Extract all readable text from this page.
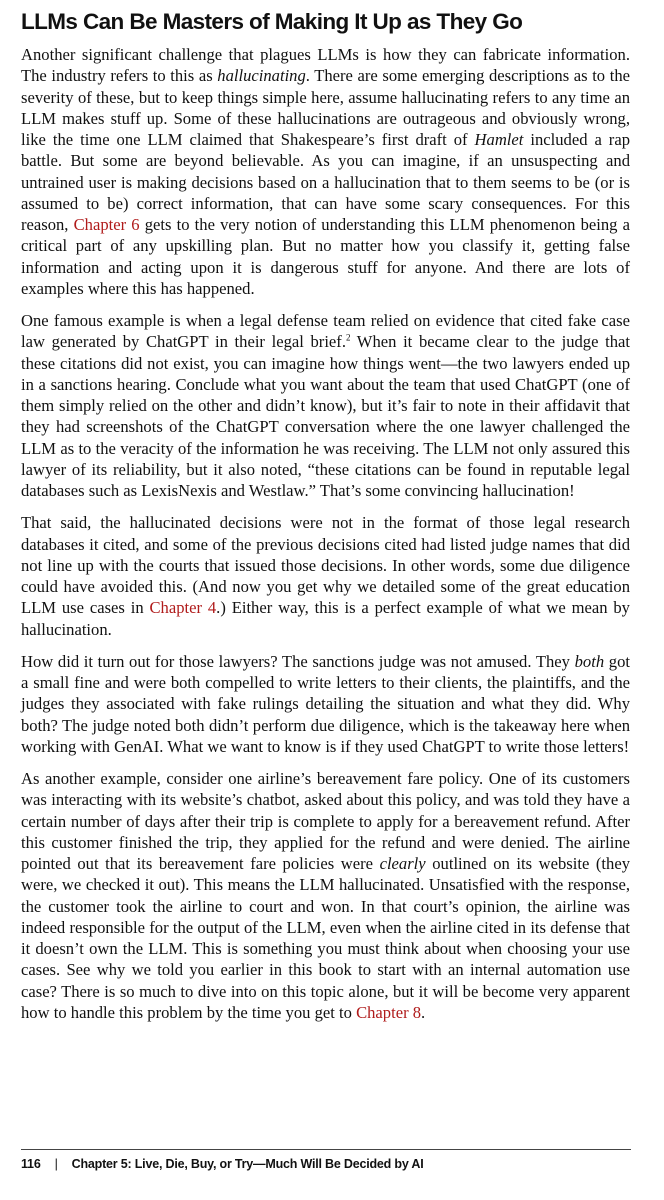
LLMs Can Be Masters of Making It Up as They Go

Another significant challenge that plagues LLMs is how they can fabricate information. The industry refers to this as hallucinating. There are some emerging descriptions as to the severity of these, but to keep things simple here, assume hallucinating refers to any time an LLM makes stuff up. Some of these hallucinations are outrageous and obviously wrong, like the time one LLM claimed that Shakespeare’s first draft of Hamlet included a rap battle. But some are beyond believable. As you can imagine, if an unsuspecting and untrained user is making decisions based on a hallucination that to them seems to be (or is assumed to be) correct information, that can have some scary consequences. For this reason, Chapter 6 gets to the very notion of understanding this LLM phenomenon being a critical part of any upskilling plan. But no matter how you classify it, getting false information and acting upon it is dangerous stuff for anyone. And there are lots of examples where this has happened.

One famous example is when a legal defense team relied on evidence that cited fake case law generated by ChatGPT in their legal brief.$^2$ When it became clear to the judge that these citations did not exist, you can imagine how things went—the two lawyers ended up in a sanctions hearing. Conclude what you want about the team that used ChatGPT (one of them simply relied on the other and didn’t know), but it’s fair to note in their affidavit that they had screenshots of the ChatGPT conversation where the one lawyer challenged the LLM as to the veracity of the information he was receiving. The LLM not only assured this lawyer of its reliability, but it also noted, “these citations can be found in reputable legal databases such as LexisNexis and Westlaw.” That’s some convincing hallucination!

That said, the hallucinated decisions were not in the format of those legal research databases it cited, and some of the previous decisions cited had listed judge names that did not line up with the courts that issued those decisions. In other words, some due diligence could have avoided this. (And now you get why we detailed some of the great education LLM use cases in Chapter 4.) Either way, this is a perfect example of what we mean by hallucination.

How did it turn out for those lawyers? The sanctions judge was not amused. They both got a small fine and were both compelled to write letters to their clients, the plaintiffs, and the judges they associated with fake rulings detailing the situation and what they did. Why both? The judge noted both didn’t perform due diligence, which is the takeaway here when working with GenAI. What we want to know is if they used ChatGPT to write those letters!

As another example, consider one airline’s bereavement fare policy. One of its customers was interacting with its website’s chatbot, asked about this policy, and was told they have a certain number of days after their trip is complete to apply for a bereavement refund. After this customer finished the trip, they applied for the refund and were denied. The airline pointed out that its bereavement fare policies were clearly outlined on its website (they were, we checked it out). This means the LLM hallucinated. Unsatisfied with the response, the customer took the airline to court and won. In that court’s opinion, the airline was indeed responsible for the output of the LLM, even when the airline cited in its defense that it doesn’t own the LLM. This is something you must think about when choosing your use cases. See why we told you earlier in this book to start with an internal automation use case? There is so much to dive into on this topic alone, but it will be become very apparent how to handle this problem by the time you get to Chapter 8.

116 | Chapter 5: Live, Die, Buy, or Try—Much Will Be Decided by AI
